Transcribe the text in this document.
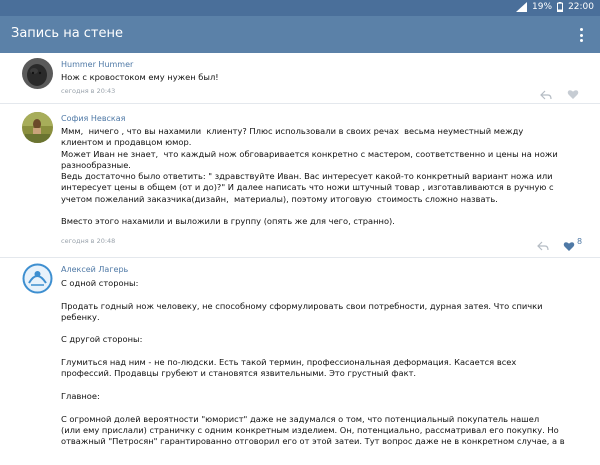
19% 22:00
Запись на стене
Hummer Hummer
Нож с кровостоком ему нужен был!
сегодня в 20:43
София Невская
Ммм,  ничего , что вы нахамили  клиенту? Плюс использовали в своих речах  весьма неуместный между
клиентом и продавцом юмор.
Может Иван не знает,  что каждый нож обговаривается конкретно с мастером, соответственно и цены на ножи
разнообразные.
Ведь достаточно было ответить: " здравствуйте Иван. Вас интересует какой-то конкретный вариант ножа или
интересует цены в общем (от и до)?" И далее написать что ножи штучный товар , изготавливаются в ручную с
учетом пожеланий заказчика(дизайн,  материалы), поэтому итоговую  стоимость сложно назвать.

Вместо этого нахамили и выложили в группу (опять же для чего, странно).
сегодня в 20:48	8
Алексей Лагерь
С одной стороны:

Продать годный нож человеку, не способному сформулировать свои потребности, дурная затея. Что спички
ребенку.

С другой стороны:

Глумиться над ним - не по-людски. Есть такой термин, профессиональная деформация. Касается всех
профессий. Продавцы грубеют и становятся язвительными. Это грустный факт.

Главное:

С огромной долей вероятности "юморист" даже не задумался о том, что потенциальный покупатель нашел
(или ему прислали) страничку с одним конкретным изделием. Он, потенциально, рассматривал его покупку. Но
отважный "Петросян" гарантированно отговорил его от этой затеи. Тут вопрос даже не в конкретном случае, а в
